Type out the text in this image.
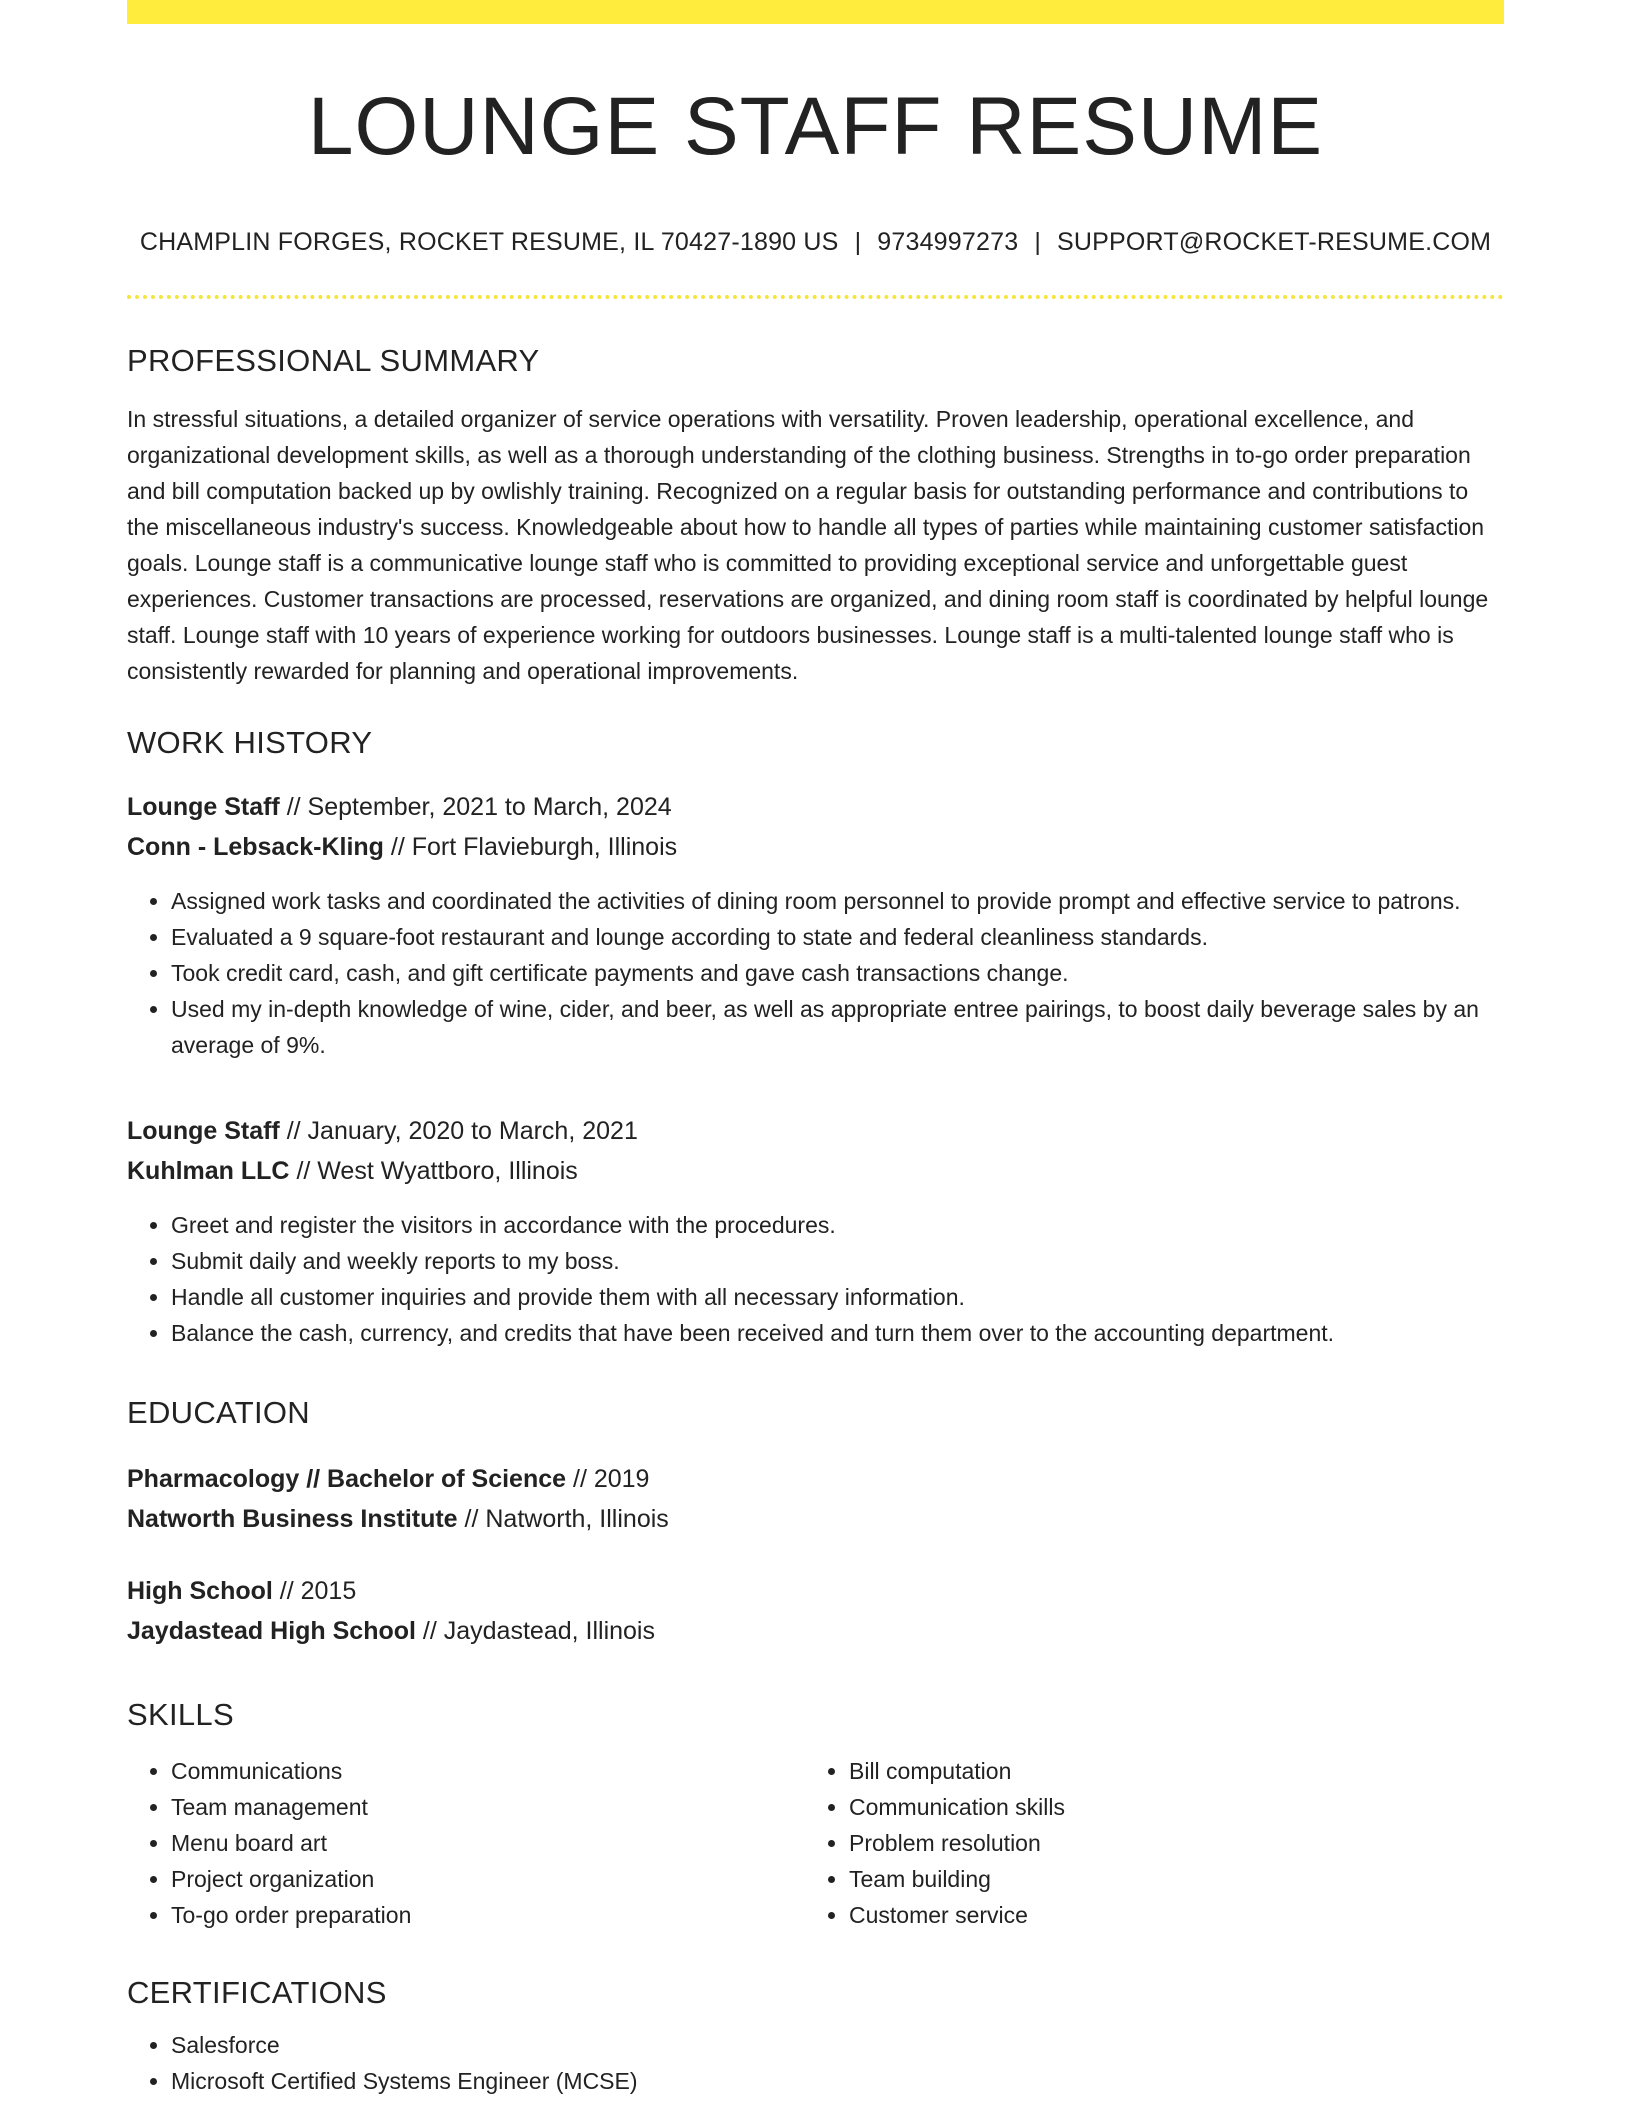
LOUNGE STAFF RESUME
CHAMPLIN FORGES, ROCKET RESUME, IL 70427-1890 US | 9734997273 | SUPPORT@ROCKET-RESUME.COM
PROFESSIONAL SUMMARY
In stressful situations, a detailed organizer of service operations with versatility. Proven leadership, operational excellence, and organizational development skills, as well as a thorough understanding of the clothing business. Strengths in to-go order preparation and bill computation backed up by owlishly training. Recognized on a regular basis for outstanding performance and contributions to the miscellaneous industry's success. Knowledgeable about how to handle all types of parties while maintaining customer satisfaction goals. Lounge staff is a communicative lounge staff who is committed to providing exceptional service and unforgettable guest experiences. Customer transactions are processed, reservations are organized, and dining room staff is coordinated by helpful lounge staff. Lounge staff with 10 years of experience working for outdoors businesses. Lounge staff is a multi-talented lounge staff who is consistently rewarded for planning and operational improvements.
WORK HISTORY
Lounge Staff // September, 2021 to March, 2024
Conn - Lebsack-Kling // Fort Flavieburgh, Illinois
• Assigned work tasks and coordinated the activities of dining room personnel to provide prompt and effective service to patrons.
• Evaluated a 9 square-foot restaurant and lounge according to state and federal cleanliness standards.
• Took credit card, cash, and gift certificate payments and gave cash transactions change.
• Used my in-depth knowledge of wine, cider, and beer, as well as appropriate entree pairings, to boost daily beverage sales by an average of 9%.
Lounge Staff // January, 2020 to March, 2021
Kuhlman LLC // West Wyattboro, Illinois
• Greet and register the visitors in accordance with the procedures.
• Submit daily and weekly reports to my boss.
• Handle all customer inquiries and provide them with all necessary information.
• Balance the cash, currency, and credits that have been received and turn them over to the accounting department.
EDUCATION
Pharmacology // Bachelor of Science // 2019
Natworth Business Institute // Natworth, Illinois
High School // 2015
Jaydastead High School // Jaydastead, Illinois
SKILLS
• Communications
• Team management
• Menu board art
• Project organization
• To-go order preparation
• Bill computation
• Communication skills
• Problem resolution
• Team building
• Customer service
CERTIFICATIONS
• Salesforce
• Microsoft Certified Systems Engineer (MCSE)
